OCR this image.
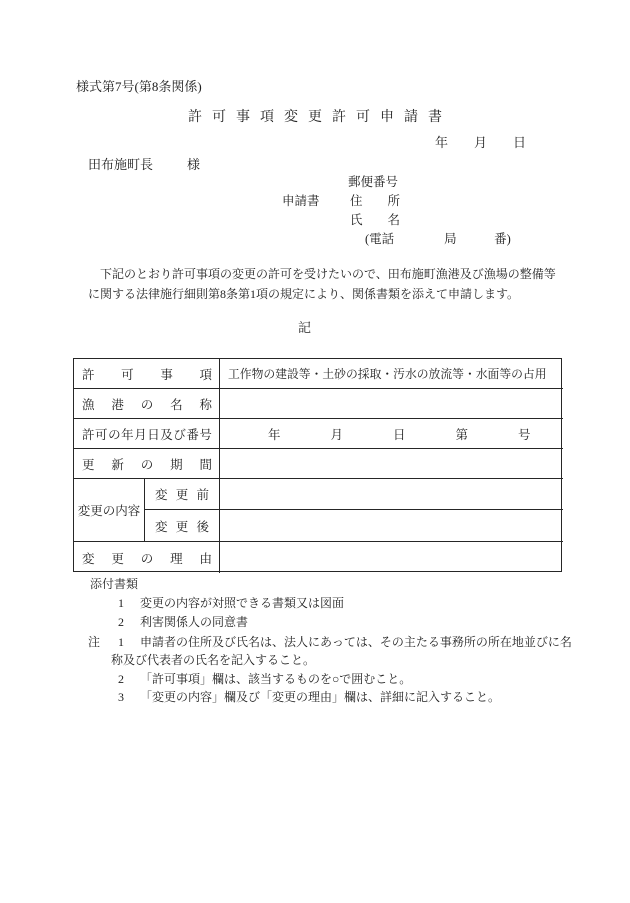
様式第7号(第8条関係)
許可事項変更許可申請書
年　　月　　日
田布施町長	様
郵便番号
申請書 住　　所
氏　　名
(電話　　　　局　　　番)
下記のとおり許可事項の変更の許可を受けたいので、田布施町漁港及び漁場の整備等
に関する法律施行細則第8条第1項の規定により、関係書類を添えて申請します。
記
許 可 事 項	工作物の建設等・土砂の採取・汚水の放流等・水面等の占用
漁 港 の 名 称
許 可 の 年 月 日 及 び 番 号	年　　　　月　　　　日　　　　第　　　　号
更 新 の 期 間
変更の内容
変 更 前
変 更 後
変 更 の 理 由
添付書類
1 変更の内容が対照できる書類又は図面
2 利害関係人の同意書
注 1 申請者の住所及び氏名は、法人にあっては、その主たる事務所の所在地並びに名
称及び代表者の氏名を記入すること。
2 「許可事項」欄は、該当するものを○で囲むこと。
3 「変更の内容」欄及び「変更の理由」欄は、詳細に記入すること。
